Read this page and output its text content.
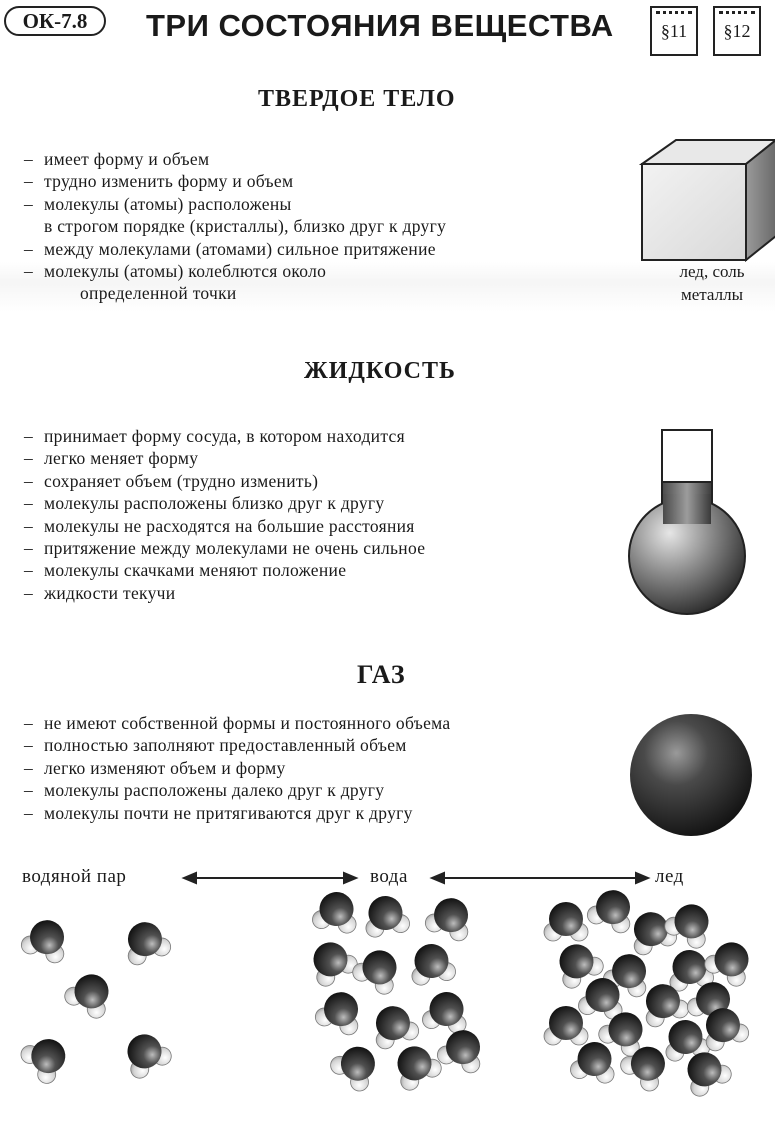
ОК-7.8	ТРИ СОСТОЯНИЯ ВЕЩЕСТВА	§11	§12
ТВЕРДОЕ ТЕЛО
– имеет форму и объем
– трудно изменить форму и объем
– молекулы (атомы) расположены
в строгом порядке (кристаллы), близко друг к другу
– между молекулами (атомами) сильное притяжение
– молекулы (атомы) колеблются около
определенной точки
лед, соль
металлы
ЖИДКОСТЬ
– принимает форму сосуда, в котором находится
– легко меняет форму
– сохраняет объем (трудно изменить)
– молекулы расположены близко друг к другу
– молекулы не расходятся на большие расстояния
– притяжение между молекулами не очень сильное
– молекулы скачками меняют положение
– жидкости текучи
ГАЗ
– не имеют собственной формы и постоянного объема
– полностью заполняют предоставленный объем
– легко изменяют объем и форму
– молекулы расположены далеко друг к другу
– молекулы почти не притягиваются друг к другу
водяной пар	вода	лед
